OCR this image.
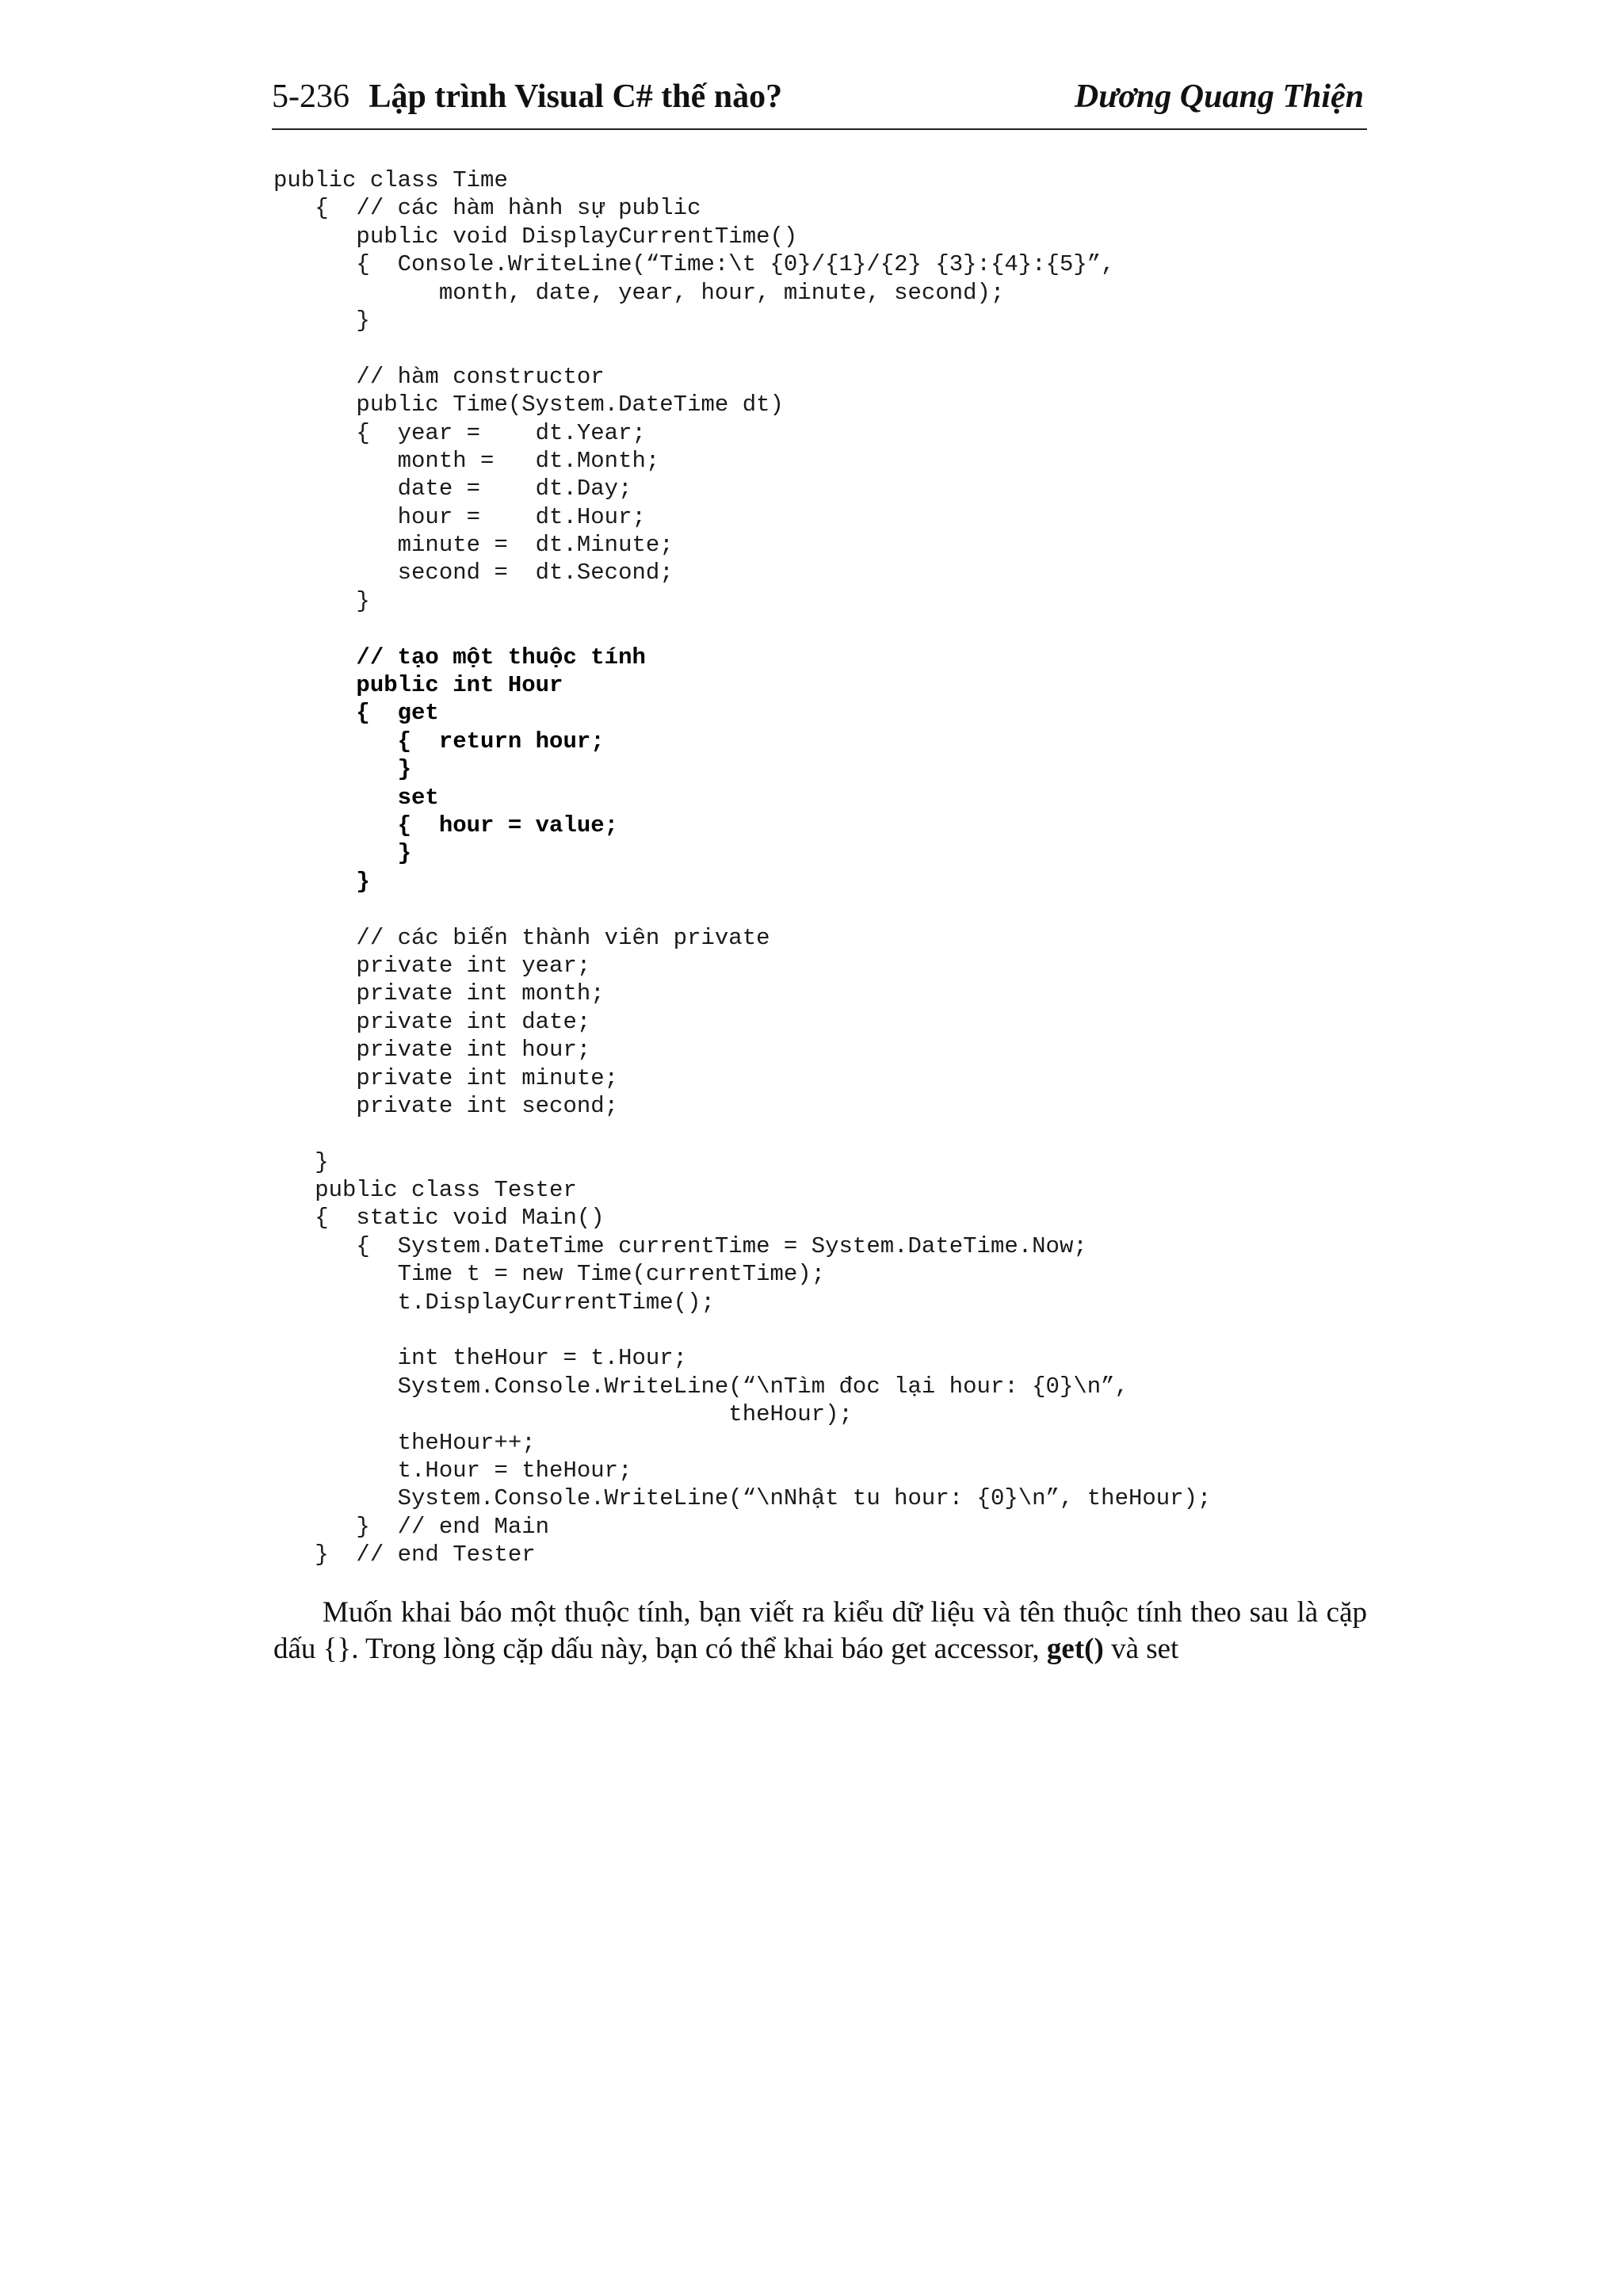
5-236 Lập trình Visual C# thế nào?	Dương Quang Thiện
public class Time
{  // các hàm hành sự public
public void DisplayCurrentTime()
{  Console.WriteLine(“Time:\t {0}/{1}/{2} {3}:{4}:{5}”,
month, date, year, hour, minute, second);
}

// hàm constructor
public Time(System.DateTime dt)
{  year =    dt.Year;
month =   dt.Month;
date =    dt.Day;
hour =    dt.Hour;
minute =  dt.Minute;
second =  dt.Second;
}

// tạo một thuộc tính
public int Hour
{  get
{  return hour;
}
set
{  hour = value;
}
}

// các biến thành viên private
private int year;
private int month;
private int date;
private int hour;
private int minute;
private int second;

}
public class Tester
{  static void Main()
{  System.DateTime currentTime = System.DateTime.Now;
Time t = new Time(currentTime);
t.DisplayCurrentTime();

int theHour = t.Hour;
System.Console.WriteLine(“\nTìm đoc lại hour: {0}\n”,
theHour);
theHour++;
t.Hour = theHour;
System.Console.WriteLine(“\nNhật tu hour: {0}\n”, theHour);
}  // end Main
}  // end Tester

Muốn khai báo một thuộc tính, bạn viết ra kiểu dữ liệu và tên thuộc tính theo sau là cặp dấu {}. Trong lòng cặp dấu này, bạn có thể khai báo get accessor, get() và set
